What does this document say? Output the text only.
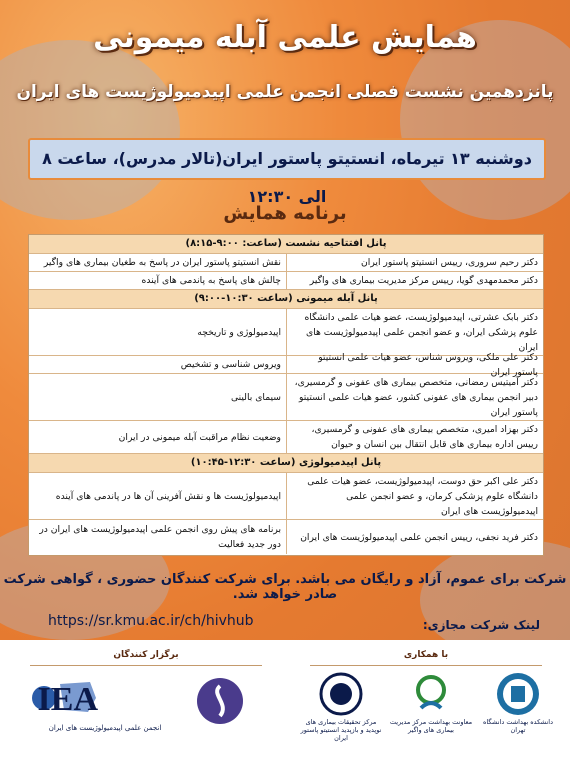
همایش علمی آبله میمونی
پانزدهمین نشست فصلی انجمن علمی اپیدمیولوژیست های ایران
دوشنبه ۱۳ تیرماه، انستیتو پاستور ایران(تالار مدرس)، ساعت ۸ الی ۱۲:۳۰
برنامه همایش
پانل افتتاحیه نشست (ساعت: ۹:۰۰-۸:۱۵)
دکتر رحیم سروری، رییس انستیتو پاستور ایران
نقش انستیتو پاستور ایران در پاسخ به طغیان بیماری های واگیر
دکتر محمدمهدی گویا، رییس مرکز مدیریت بیماری های واگیر
چالش های پاسخ به پاندمی های آینده
پانل آبله میمونی (ساعت ۱۰:۳۰-۹:۰۰)
دکتر بابک عشرتی، اپیدمیولوژیست، عضو هیات علمی دانشگاه علوم پزشکی ایران، و عضو انجمن علمی اپیدمیولوژیست های ایران
اپیدمیولوژی و تاریخچه
دکتر علی ملکی، ویروس شناس، عضو هیات علمی انستیتو پاستور ایران
ویروس شناسی و تشخیص
دکتر آمیتیس رمضانی، متخصص بیماری های عفونی و گرمسیری، دبیر انجمن بیماری های عفونی کشور، عضو هیات علمی انستیتو پاستور ایران
سیمای بالینی
دکتر بهزاد امیری، متخصص بیماری های عفونی و گرمسیری، رییس اداره بیماری های قابل انتقال بین انسان و حیوان
وضعیت نظام مراقبت آبله میمونی در ایران
پانل اپیدمیولوژی (ساعت ۱۲:۳۰-۱۰:۴۵)
دکتر علی اکبر حق دوست، اپیدمیولوژیست، عضو هیات علمی دانشگاه علوم پزشکی کرمان، و عضو انجمن علمی اپیدمیولوژیست های ایران
اپیدمیولوژیست ها و نقش آفرینی آن ها در پاندمی های آینده
دکتر فرید نجفی، رییس انجمن علمی اپیدمیولوژیست های ایران
برنامه های پیش روی انجمن علمی اپیدمیولوژیست های ایران در دور جدید فعالیت
شرکت برای عموم، آزاد و رایگان می باشد. برای شرکت کنندگان حضوری ، گواهی شرکت صادر خواهد شد.
لینک شرکت مجازی:
https://sr.kmu.ac.ir/ch/hivhub
با همکاری
برگزار کنندگان
دانشکده بهداشت دانشگاه تهران
معاونت بهداشت مرکز مدیریت بیماری های واگیر
مرکز تحقیقات بیماری های نوپدید و بازپدید انستیتو پاستور ایران
IEA
انجمن علمی اپیدمیولوژیست های ایران
